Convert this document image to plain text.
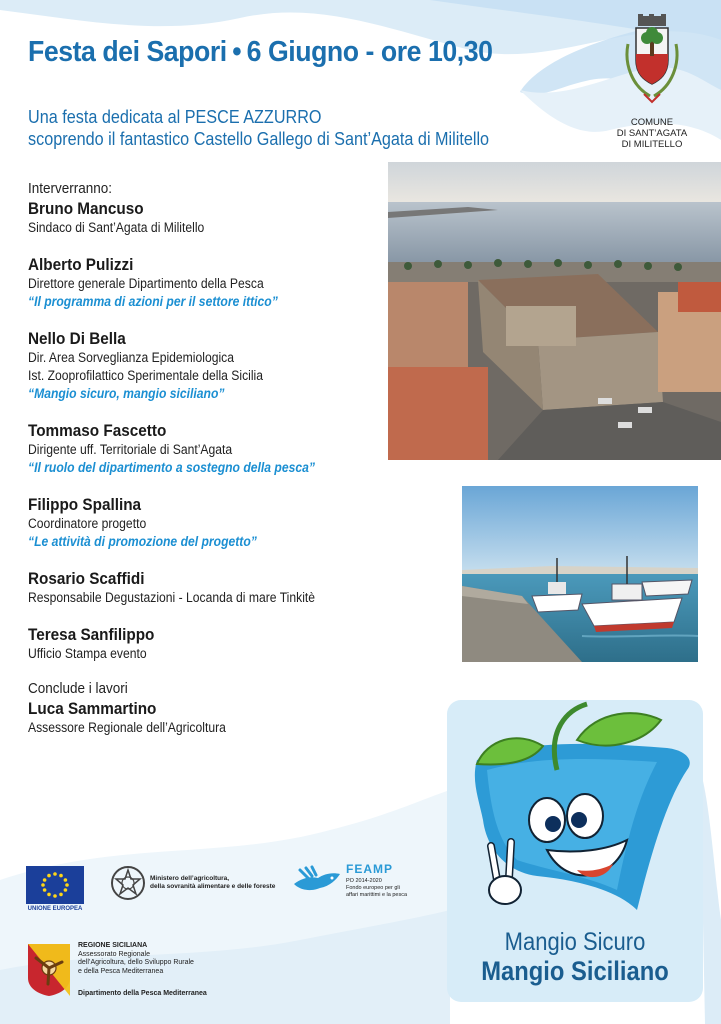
Festa dei Sapori • 6 Giugno - ore 10,30
Una festa dedicata al PESCE AZZURRO
scoprendo il fantastico Castello Gallego di Sant’Agata di Militello
COMUNE
DI SANT’AGATA
DI MILITELLO
Interverranno:
Bruno Mancuso
Sindaco di Sant’Agata di Militello
Alberto Pulizzi
Direttore generale Dipartimento della Pesca
“Il programma di azioni per il settore ittico”
Nello Di Bella
Dir. Area Sorveglianza Epidemiologica
Ist. Zooprofilattico Sperimentale della Sicilia
“Mangio sicuro, mangio siciliano”
Tommaso Fascetto
Dirigente uff. Territoriale di Sant’Agata
“Il ruolo del dipartimento a sostegno della pesca”
Filippo Spallina
Coordinatore progetto
“Le attività di promozione del progetto”
Rosario Scaffidi
Responsabile Degustazioni - Locanda di mare Tinkitè
Teresa Sanfilippo
Ufficio Stampa evento
Conclude i lavori
Luca Sammartino
Assessore Regionale dell’Agricoltura
Mangio Sicuro
Mangio Siciliano
UNIONE EUROPEA
Ministero dell’agricoltura,
della sovranità alimentare e delle foreste
FEAMP
PO 2014-2020
Fondo europeo per gli
affari marittimi e la pesca
REGIONE SICILIANA
Assessorato Regionale
dell’Agricoltura, dello Sviluppo Rurale
e della Pesca Mediterranea
Dipartimento della Pesca Mediterranea
